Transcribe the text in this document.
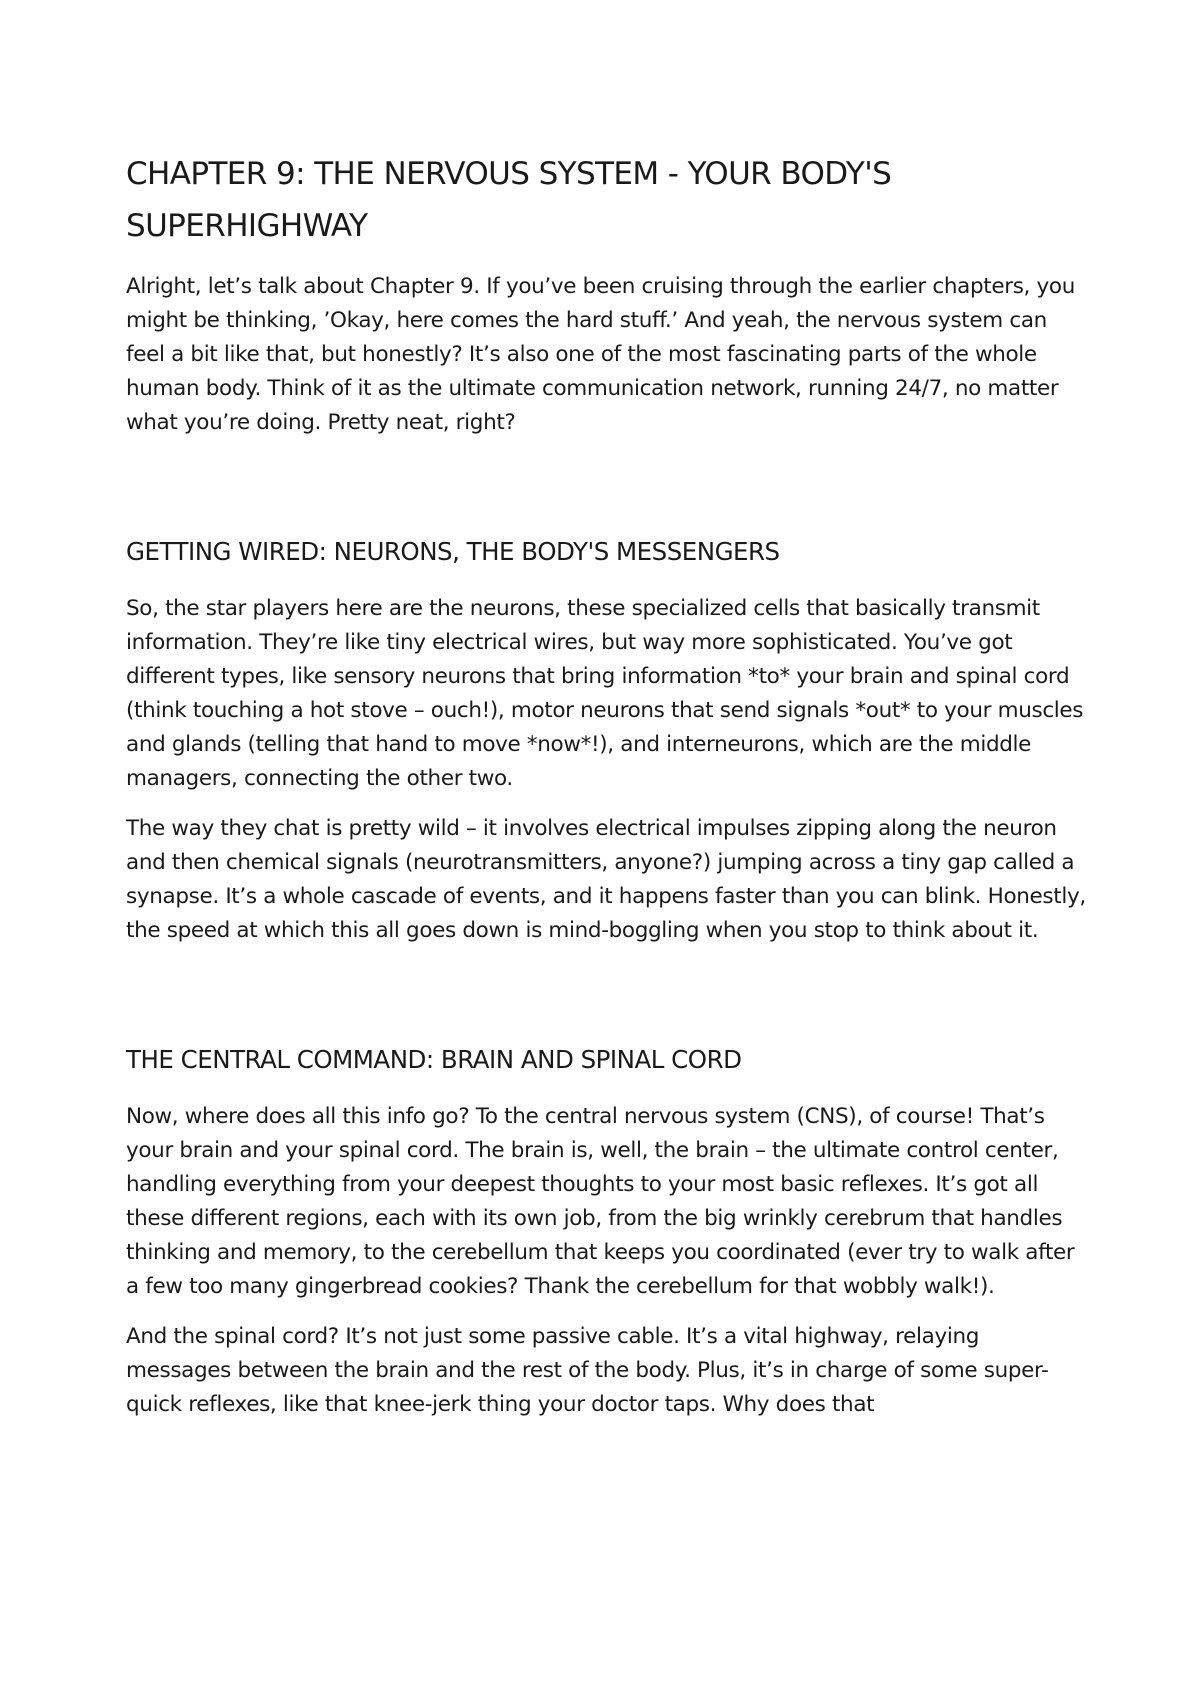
CHAPTER 9: THE NERVOUS SYSTEM - YOUR BODY'S SUPERHIGHWAY

Alright, let’s talk about Chapter 9. If you’ve been cruising through the earlier chapters, you might be thinking, ’Okay, here comes the hard stuff.’ And yeah, the nervous system can feel a bit like that, but honestly? It’s also one of the most fascinating parts of the whole human body. Think of it as the ultimate communication network, running 24/7, no matter what you’re doing. Pretty neat, right?

GETTING WIRED: NEURONS, THE BODY'S MESSENGERS

So, the star players here are the neurons, these specialized cells that basically transmit information. They’re like tiny electrical wires, but way more sophisticated. You’ve got different types, like sensory neurons that bring information *to* your brain and spinal cord (think touching a hot stove – ouch!), motor neurons that send signals *out* to your muscles and glands (telling that hand to move *now*!), and interneurons, which are the middle managers, connecting the other two.

The way they chat is pretty wild – it involves electrical impulses zipping along the neuron and then chemical signals (neurotransmitters, anyone?) jumping across a tiny gap called a synapse. It’s a whole cascade of events, and it happens faster than you can blink. Honestly, the speed at which this all goes down is mind-boggling when you stop to think about it.

THE CENTRAL COMMAND: BRAIN AND SPINAL CORD

Now, where does all this info go? To the central nervous system (CNS), of course! That’s your brain and your spinal cord. The brain is, well, the brain – the ultimate control center, handling everything from your deepest thoughts to your most basic reflexes. It’s got all these different regions, each with its own job, from the big wrinkly cerebrum that handles thinking and memory, to the cerebellum that keeps you coordinated (ever try to walk after a few too many gingerbread cookies? Thank the cerebellum for that wobbly walk!).

And the spinal cord? It’s not just some passive cable. It’s a vital highway, relaying messages between the brain and the rest of the body. Plus, it’s in charge of some super-quick reflexes, like that knee-jerk thing your doctor taps. Why does that
